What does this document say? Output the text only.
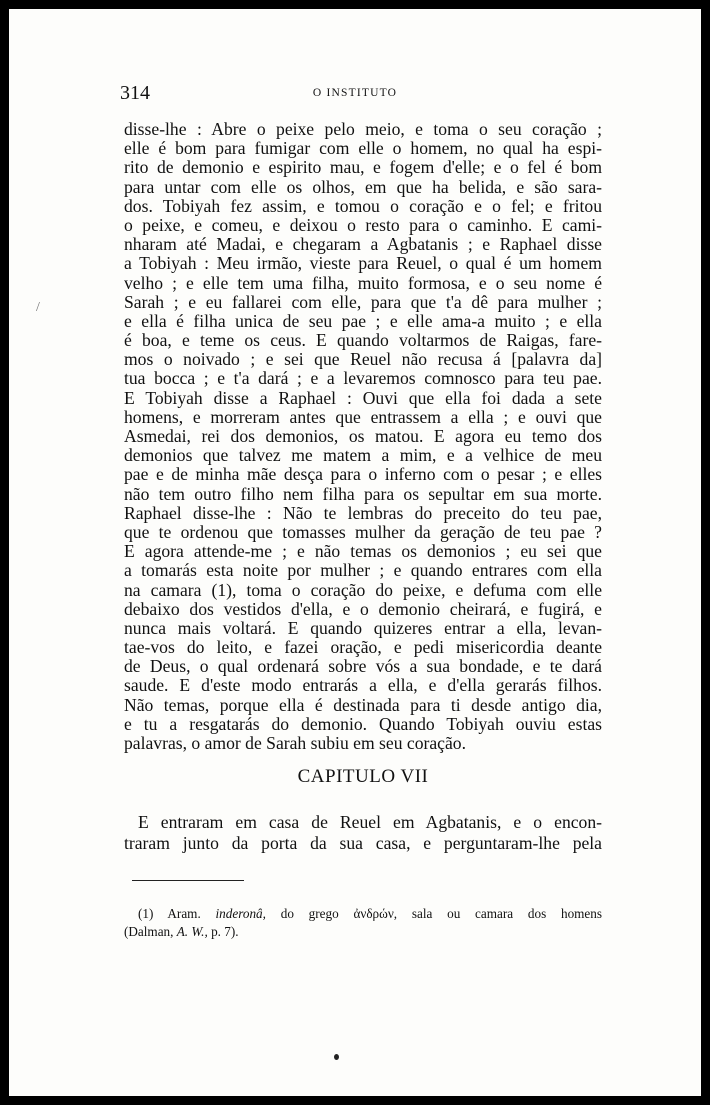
314	O INSTITUTO
disse-lhe : Abre o peixe pelo meio, e toma o seu coração ;
elle é bom para fumigar com elle o homem, no qual ha espi-
rito de demonio e espirito mau, e fogem d'elle; e o fel é bom
para untar com elle os olhos, em que ha belida, e são sara-
dos. Tobiyah fez assim, e tomou o coração e o fel; e fritou
o peixe, e comeu, e deixou o resto para o caminho. E cami-
nharam até Madai, e chegaram a Agbatanis ; e Raphael disse
a Tobiyah : Meu irmão, vieste para Reuel, o qual é um homem
velho ; e elle tem uma filha, muito formosa, e o seu nome é
Sarah ; e eu fallarei com elle, para que t'a dê para mulher ;
e ella é filha unica de seu pae ; e elle ama-a muito ; e ella
é boa, e teme os ceus. E quando voltarmos de Raigas, fare-
mos o noivado ; e sei que Reuel não recusa á [palavra da]
tua bocca ; e t'a dará ; e a levaremos comnosco para teu pae.
E Tobiyah disse a Raphael : Ouvi que ella foi dada a sete
homens, e morreram antes que entrassem a ella ; e ouvi que
Asmedai, rei dos demonios, os matou. E agora eu temo dos
demonios que talvez me matem a mim, e a velhice de meu
pae e de minha mãe desça para o inferno com o pesar ; e elles
não tem outro filho nem filha para os sepultar em sua morte.
Raphael disse-lhe : Não te lembras do preceito do teu pae,
que te ordenou que tomasses mulher da geração de teu pae ?
E agora attende-me ; e não temas os demonios ; eu sei que
a tomarás esta noite por mulher ; e quando entrares com ella
na camara (1), toma o coração do peixe, e defuma com elle
debaixo dos vestidos d'ella, e o demonio cheirará, e fugirá, e
nunca mais voltará. E quando quizeres entrar a ella, levan-
tae-vos do leito, e fazei oração, e pedi misericordia deante
de Deus, o qual ordenará sobre vós a sua bondade, e te dará
saude. E d'este modo entrarás a ella, e d'ella gerarás filhos.
Não temas, porque ella é destinada para ti desde antigo dia,
e tu a resgatarás do demonio. Quando Tobiyah ouviu estas
palavras, o amor de Sarah subiu em seu coração.
CAPITULO VII
E entraram em casa de Reuel em Agbatanis, e o encon-
traram junto da porta da sua casa, e perguntaram-lhe pela
(1) Aram. inderonâ, do grego ἀνδρών, sala ou camara dos homens
(Dalman, A. W., p. 7).
/
